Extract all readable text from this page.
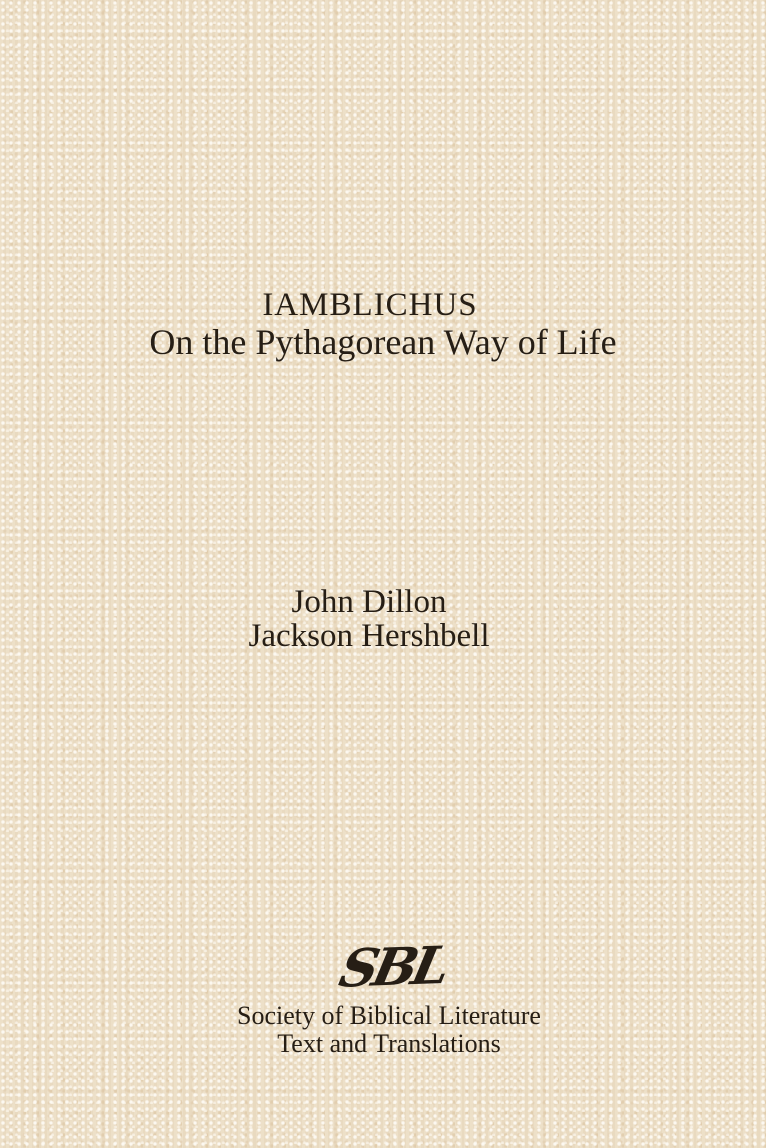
IAMBLICHUS
On the Pythagorean Way of Life
John Dillon
Jackson Hershbell
SBL
Society of Biblical Literature
Text and Translations
